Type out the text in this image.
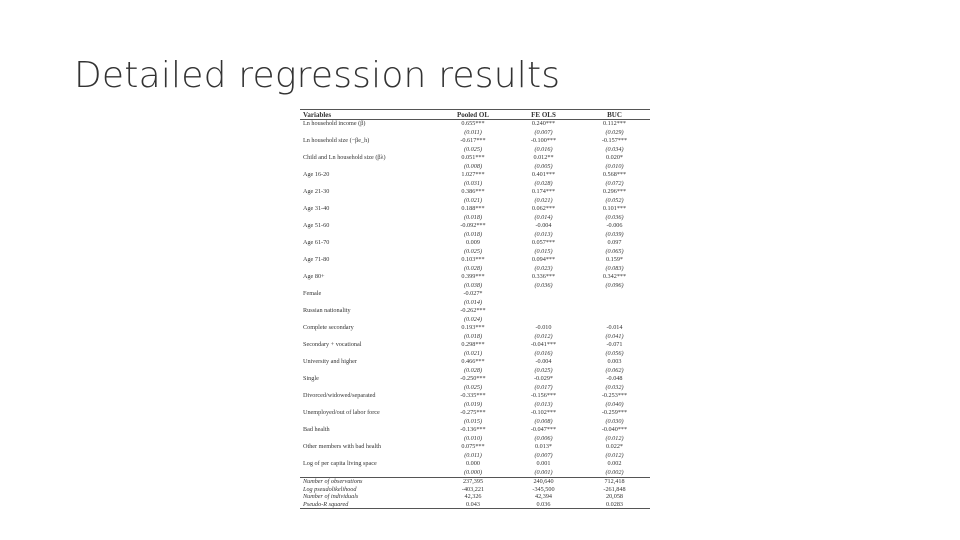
Detailed regression results
Variables	Pooled OL	FE OLS	BUC
Ln household income (β)	0.655***	0.240***	0.112***
	(0.011)	(0.007)	(0.029)
Ln household size (−βe_h)	-0.617***	-0.100***	-0.157***
	(0.025)	(0.016)	(0.034)
Child and Ln household size (βλ)	0.051***	0.012**	0.020*
	(0.008)	(0.005)	(0.010)
Age 16-20	1.027***	0.401***	0.568***
	(0.031)	(0.028)	(0.072)
Age 21-30	0.386***	0.174***	0.296***
	(0.021)	(0.021)	(0.052)
Age 31-40	0.188***	0.062***	0.101***
	(0.018)	(0.014)	(0.036)
Age 51-60	-0.092***	-0.004	-0.006
	(0.018)	(0.013)	(0.039)
Age 61-70	0.009	0.057***	0.097
	(0.025)	(0.015)	(0.065)
Age 71-80	0.103***	0.094***	0.159*
	(0.028)	(0.023)	(0.083)
Age 80+	0.399***	0.336***	0.342***
	(0.038)	(0.036)	(0.096)
Female	-0.027*		
	(0.014)		
Russian nationality	-0.262***		
	(0.024)		
Complete secondary	0.193***	-0.010	-0.014
	(0.018)	(0.012)	(0.041)
Secondary + vocational	0.298***	-0.041***	-0.071
	(0.021)	(0.016)	(0.056)
University and higher	0.466***	-0.004	0.003
	(0.028)	(0.025)	(0.062)
Single	-0.250***	-0.029*	-0.048
	(0.025)	(0.017)	(0.032)
Divorced/widowed/separated	-0.335***	-0.156***	-0.253***
	(0.019)	(0.013)	(0.040)
Unemployed/out of labor force	-0.275***	-0.102***	-0.259***
	(0.015)	(0.008)	(0.030)
Bad health	-0.136***	-0.047***	-0.040***
	(0.010)	(0.006)	(0.012)
Other members with bad health	0.075***	0.013*	0.022*
	(0.011)	(0.007)	(0.012)
Log of per capita living space	0.000	0.001	0.002
	(0.000)	(0.001)	(0.002)
Number of observations	237,395	240,640	712,418
Log pseudolikelihood	-403,221	-345,500	-261,848
Number of individuals	42,326	42,394	20,058
Pseudo-R squared	0.043	0.036	0.0283
